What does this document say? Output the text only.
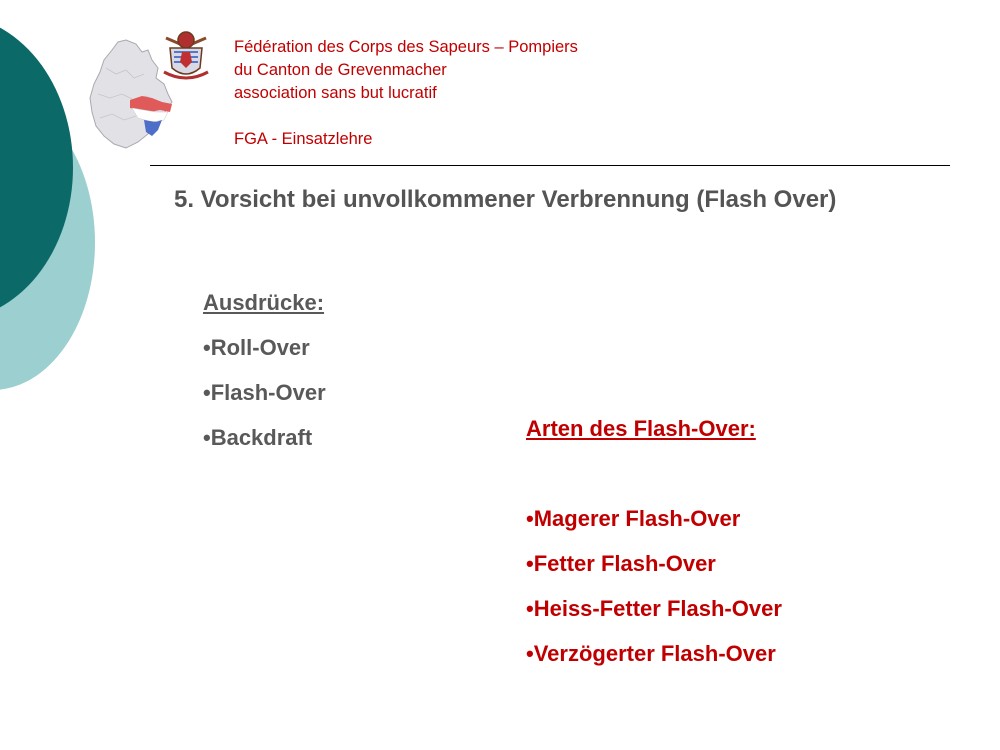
Fédération des Corps des Sapeurs – Pompiers
du Canton de Grevenmacher
association sans but lucratif
FGA - Einsatzlehre
5. Vorsicht bei unvollkommener Verbrennung (Flash Over)
Ausdrücke:
•Roll-Over
•Flash-Over
•Backdraft	Arten des Flash-Over:
•Magerer Flash-Over
•Fetter Flash-Over
•Heiss-Fetter Flash-Over
•Verzögerter Flash-Over
